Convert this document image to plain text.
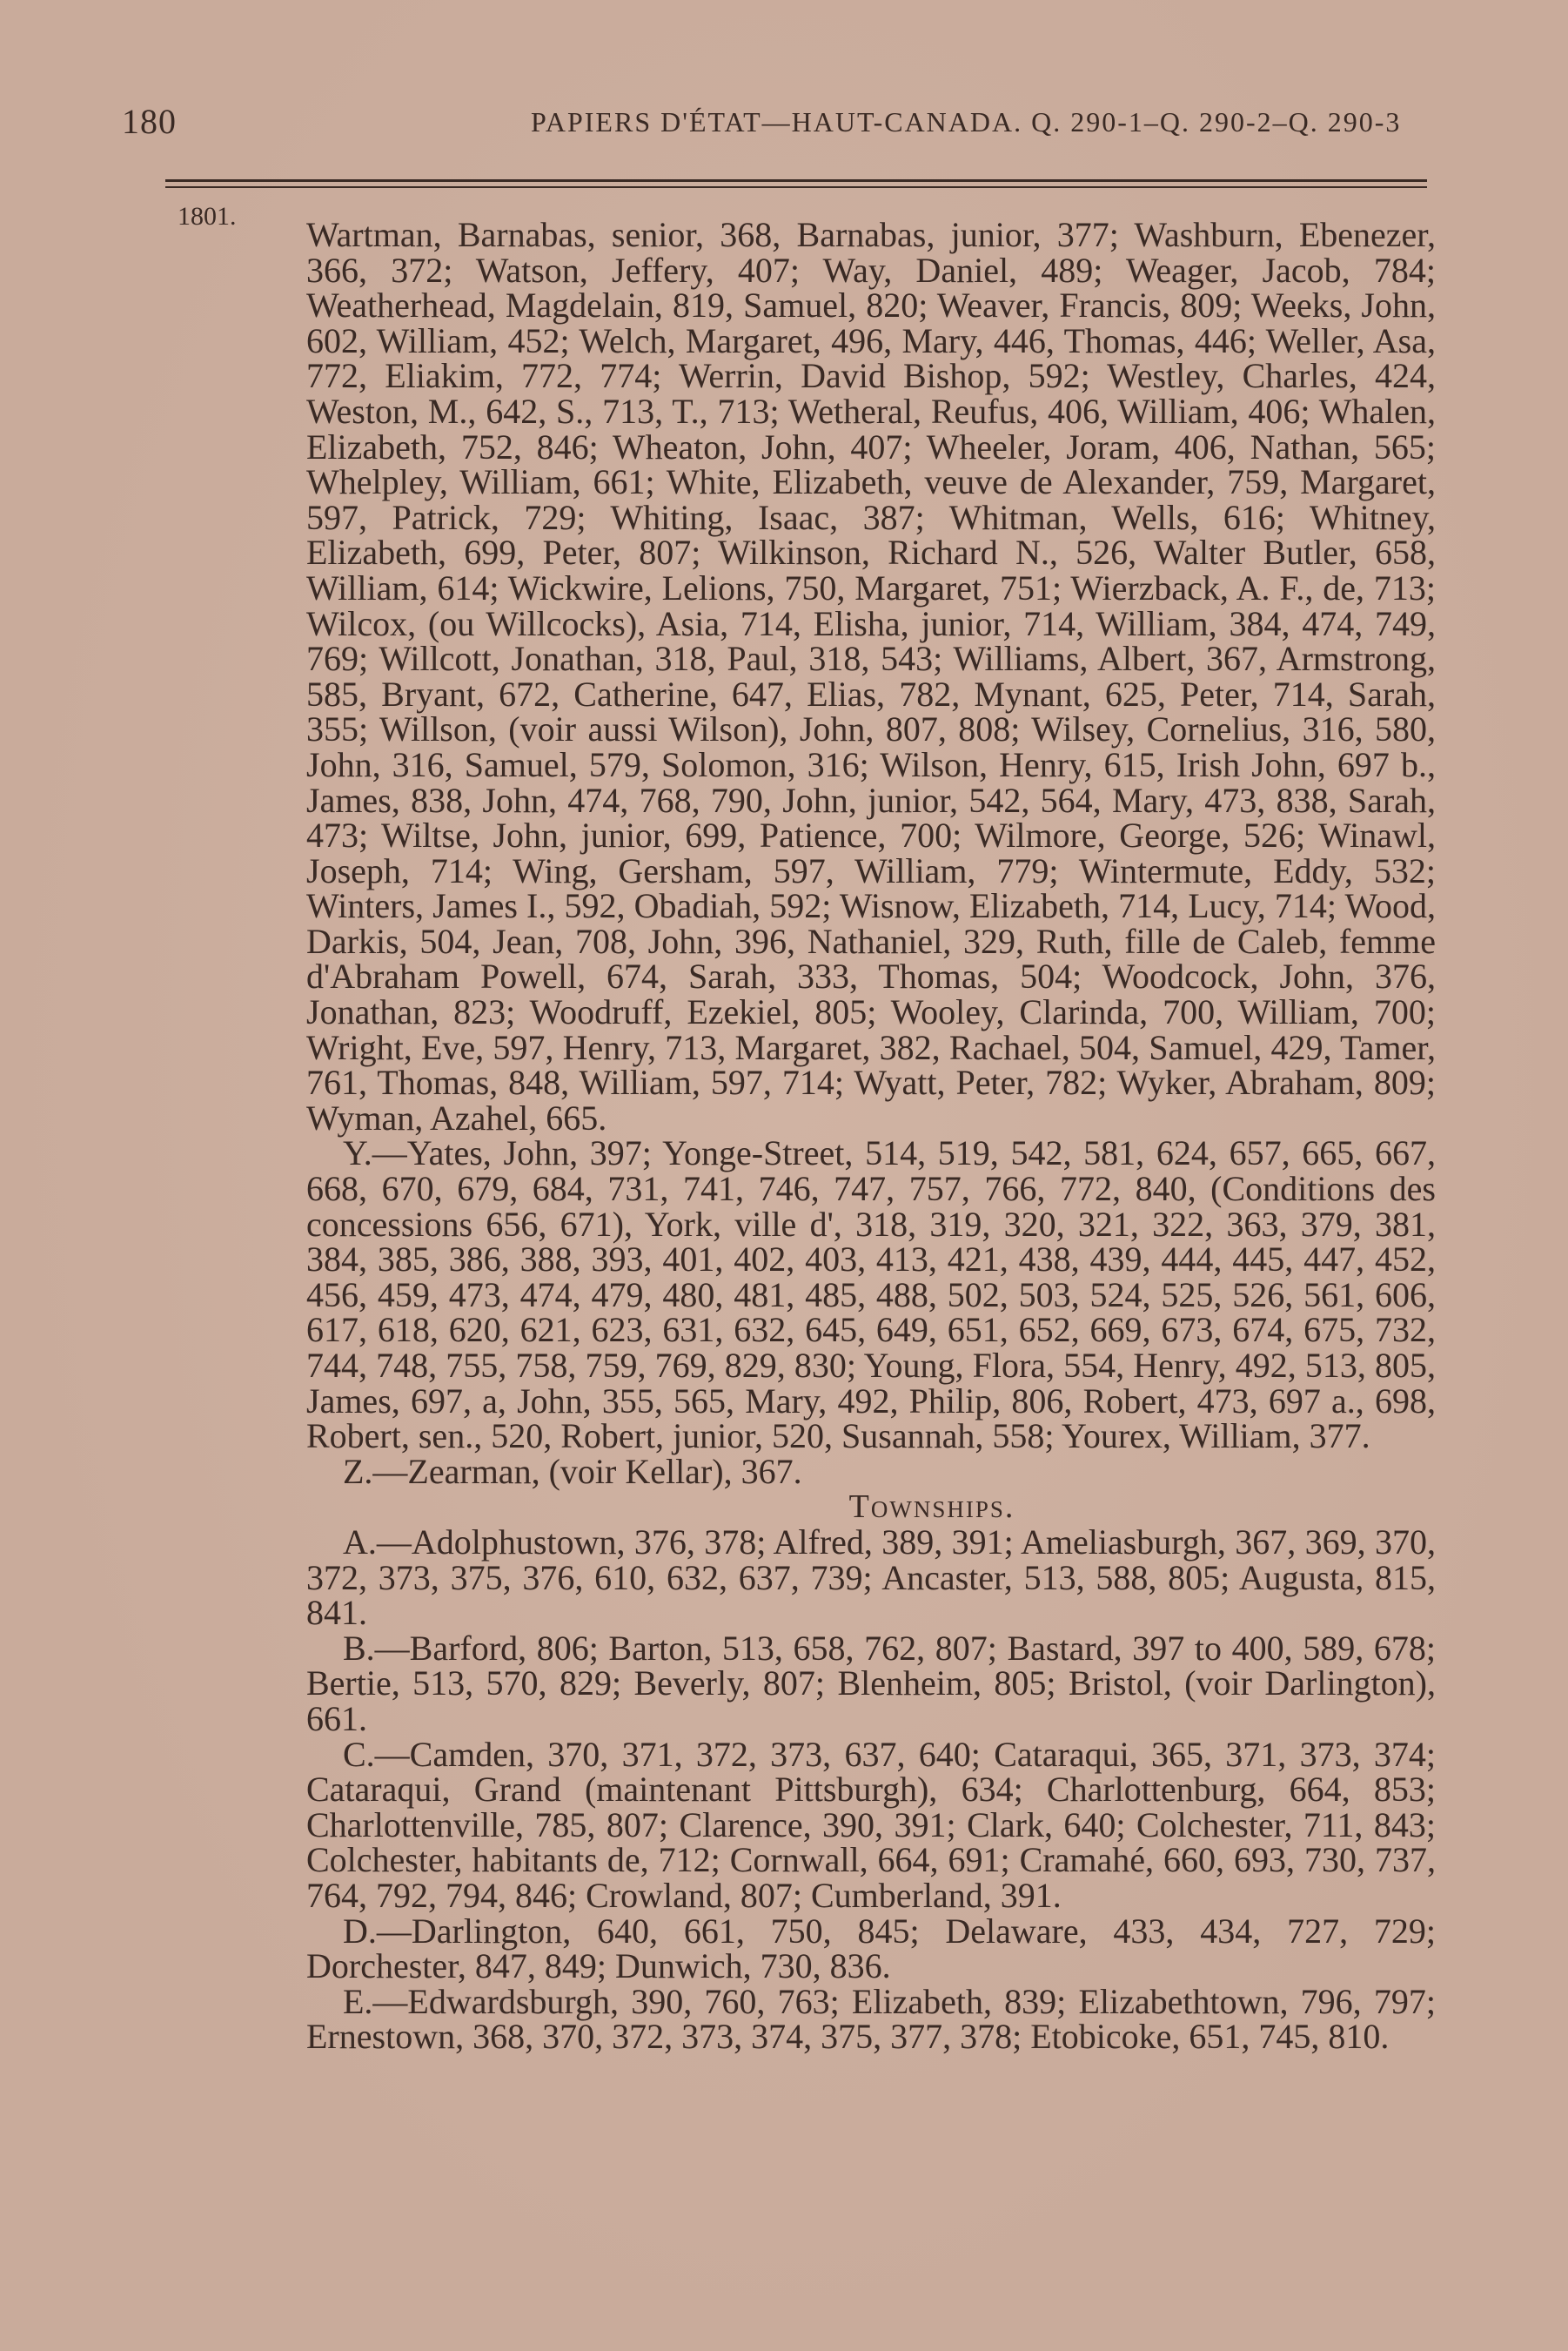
180	PAPIERS D'ÉTAT—HAUT-CANADA. Q. 290-1–Q. 290-2–Q. 290-3
1801. Wartman, Barnabas, senior, 368, Barnabas, junior, 377; Washburn, Ebenezer, 366, 372; Watson, Jeffery, 407; Way, Daniel, 489; Weager, Jacob, 784; Weatherhead, Magdelain, 819, Samuel, 820; Weaver, Francis, 809; Weeks, John, 602, William, 452; Welch, Margaret, 496, Mary, 446, Thomas, 446; Weller, Asa, 772, Eliakim, 772, 774; Werrin, David Bishop, 592; Westley, Charles, 424, Weston, M., 642, S., 713, T., 713; Wetheral, Reufus, 406, William, 406; Whalen, Elizabeth, 752, 846; Wheaton, John, 407; Wheeler, Joram, 406, Nathan, 565; Whelpley, William, 661; White, Elizabeth, veuve de Alexander, 759, Margaret, 597, Patrick, 729; Whiting, Isaac, 387; Whitman, Wells, 616; Whitney, Elizabeth, 699, Peter, 807; Wilkinson, Richard N., 526, Walter Butler, 658, William, 614; Wickwire, Lelions, 750, Margaret, 751; Wierzback, A. F., de, 713; Wilcox, (ou Willcocks), Asia, 714, Elisha, junior, 714, William, 384, 474, 749, 769; Willcott, Jonathan, 318, Paul, 318, 543; Williams, Albert, 367, Armstrong, 585, Bryant, 672, Catherine, 647, Elias, 782, Mynant, 625, Peter, 714, Sarah, 355; Willson, (voir aussi Wilson), John, 807, 808; Wilsey, Cornelius, 316, 580, John, 316, Samuel, 579, Solomon, 316; Wilson, Henry, 615, Irish John, 697 b., James, 838, John, 474, 768, 790, John, junior, 542, 564, Mary, 473, 838, Sarah, 473; Wiltse, John, junior, 699, Patience, 700; Wilmore, George, 526; Winawl, Joseph, 714; Wing, Gersham, 597, William, 779; Wintermute, Eddy, 532; Winters, James I., 592, Obadiah, 592; Wisnow, Elizabeth, 714, Lucy, 714; Wood, Darkis, 504, Jean, 708, John, 396, Nathaniel, 329, Ruth, fille de Caleb, femme d'Abraham Powell, 674, Sarah, 333, Thomas, 504; Woodcock, John, 376, Jonathan, 823; Woodruff, Ezekiel, 805; Wooley, Clarinda, 700, William, 700; Wright, Eve, 597, Henry, 713, Margaret, 382, Rachael, 504, Samuel, 429, Tamer, 761, Thomas, 848, William, 597, 714; Wyatt, Peter, 782; Wyker, Abraham, 809; Wyman, Azahel, 665.

Y.—Yates, John, 397; Yonge-Street, 514, 519, 542, 581, 624, 657, 665, 667, 668, 670, 679, 684, 731, 741, 746, 747, 757, 766, 772, 840, (Conditions des concessions 656, 671), York, ville d', 318, 319, 320, 321, 322, 363, 379, 381, 384, 385, 386, 388, 393, 401, 402, 403, 413, 421, 438, 439, 444, 445, 447, 452, 456, 459, 473, 474, 479, 480, 481, 485, 488, 502, 503, 524, 525, 526, 561, 606, 617, 618, 620, 621, 623, 631, 632, 645, 649, 651, 652, 669, 673, 674, 675, 732, 744, 748, 755, 758, 759, 769, 829, 830; Young, Flora, 554, Henry, 492, 513, 805, James, 697, a, John, 355, 565, Mary, 492, Philip, 806, Robert, 473, 697 a., 698, Robert, sen., 520, Robert, junior, 520, Susannah, 558; Yourex, William, 377.

Z.—Zearman, (voir Kellar), 367.

Townships.

A.—Adolphustown, 376, 378; Alfred, 389, 391; Ameliasburgh, 367, 369, 370, 372, 373, 375, 376, 610, 632, 637, 739; Ancaster, 513, 588, 805; Augusta, 815, 841.

B.—Barford, 806; Barton, 513, 658, 762, 807; Bastard, 397 to 400, 589, 678; Bertie, 513, 570, 829; Beverly, 807; Blenheim, 805; Bristol, (voir Darlington), 661.

C.—Camden, 370, 371, 372, 373, 637, 640; Cataraqui, 365, 371, 373, 374; Cataraqui, Grand (maintenant Pittsburgh), 634; Charlottenburg, 664, 853; Charlottenville, 785, 807; Clarence, 390, 391; Clark, 640; Colchester, 711, 843; Colchester, habitants de, 712; Cornwall, 664, 691; Cramahé, 660, 693, 730, 737, 764, 792, 794, 846; Crowland, 807; Cumberland, 391.

D.—Darlington, 640, 661, 750, 845; Delaware, 433, 434, 727, 729; Dorchester, 847, 849; Dunwich, 730, 836.

E.—Edwardsburgh, 390, 760, 763; Elizabeth, 839; Elizabethtown, 796, 797; Ernestown, 368, 370, 372, 373, 374, 375, 377, 378; Etobicoke, 651, 745, 810.
